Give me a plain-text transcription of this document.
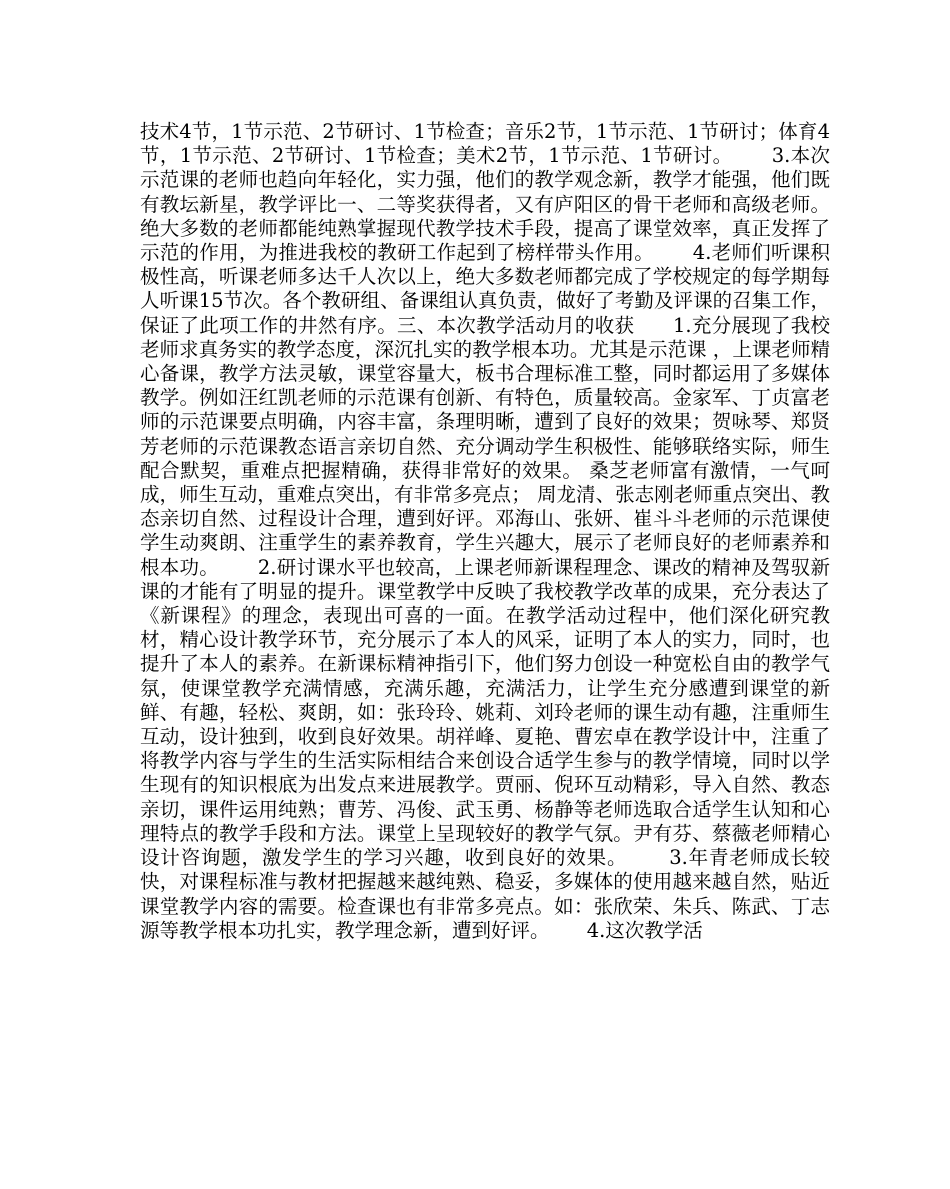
技术4节，1节示范、2节研讨、1节检查；音乐2节，1节示范、1节研讨；体育4节，1节示范、2节研讨、1节检查；美术2节，1节示范、1节研讨。      3.本次示范课的老师也趋向年轻化，实力强，他们的教学观念新，教学才能强，他们既有教坛新星，教学评比一、二等奖获得者，又有庐阳区的骨干老师和高级老师。绝大多数的老师都能纯熟掌握现代教学技术手段，提高了课堂效率，真正发挥了示范的作用，为推进我校的教研工作起到了榜样带头作用。      4.老师们听课积极性高，听课老师多达千人次以上，绝大多数老师都完成了学校规定的每学期每人听课15节次。各个教研组、备课组认真负责，做好了考勤及评课的召集工作，保证了此项工作的井然有序。三、本次教学活动月的收获      1.充分展现了我校老师求真务实的教学态度，深沉扎实的教学根本功。尤其是示范课 ，上课老师精心备课，教学方法灵敏，课堂容量大，板书合理标准工整，同时都运用了多媒体教学。例如汪红凯老师的示范课有创新、有特色，质量较高。金家军、丁贞富老师的示范课要点明确，内容丰富，条理明晰，遭到了良好的效果；贺咏琴、郑贤芳老师的示范课教态语言亲切自然、充分调动学生积极性、能够联络实际，师生配合默契，重难点把握精确，获得非常好的效果。 桑芝老师富有激情，一气呵成，师生互动，重难点突出，有非常多亮点； 周龙清、张志刚老师重点突出、教态亲切自然、过程设计合理，遭到好评。邓海山、张妍、崔斗斗老师的示范课使学生动爽朗、注重学生的素养教育，学生兴趣大，展示了老师良好的老师素养和根本功。      2.研讨课水平也较高，上课老师新课程理念、课改的精神及驾驭新课的才能有了明显的提升。课堂教学中反映了我校教学改革的成果，充分表达了《新课程》的理念，表现出可喜的一面。在教学活动过程中，他们深化研究教材，精心设计教学环节，充分展示了本人的风采，证明了本人的实力，同时，也提升了本人的素养。在新课标精神指引下，他们努力创设一种宽松自由的教学气氛，使课堂教学充满情感，充满乐趣，充满活力，让学生充分感遭到课堂的新鲜、有趣，轻松、爽朗，如：张玲玲、姚莉、刘玲老师的课生动有趣，注重师生互动，设计独到，收到良好效果。胡祥峰、夏艳、曹宏卓在教学设计中，注重了将教学内容与学生的生活实际相结合来创设合适学生参与的教学情境，同时以学生现有的知识根底为出发点来进展教学。贾丽、倪环互动精彩，导入自然、教态亲切，课件运用纯熟；曹芳、冯俊、武玉勇、杨静等老师选取合适学生认知和心理特点的教学手段和方法。课堂上呈现较好的教学气氛。尹有芬、蔡薇老师精心设计咨询题，激发学生的学习兴趣，收到良好的效果。      3.年青老师成长较快，对课程标准与教材把握越来越纯熟、稳妥，多媒体的使用越来越自然，贴近课堂教学内容的需要。检查课也有非常多亮点。如：张欣荣、朱兵、陈武、丁志源等教学根本功扎实，教学理念新，遭到好评。      4.这次教学活
